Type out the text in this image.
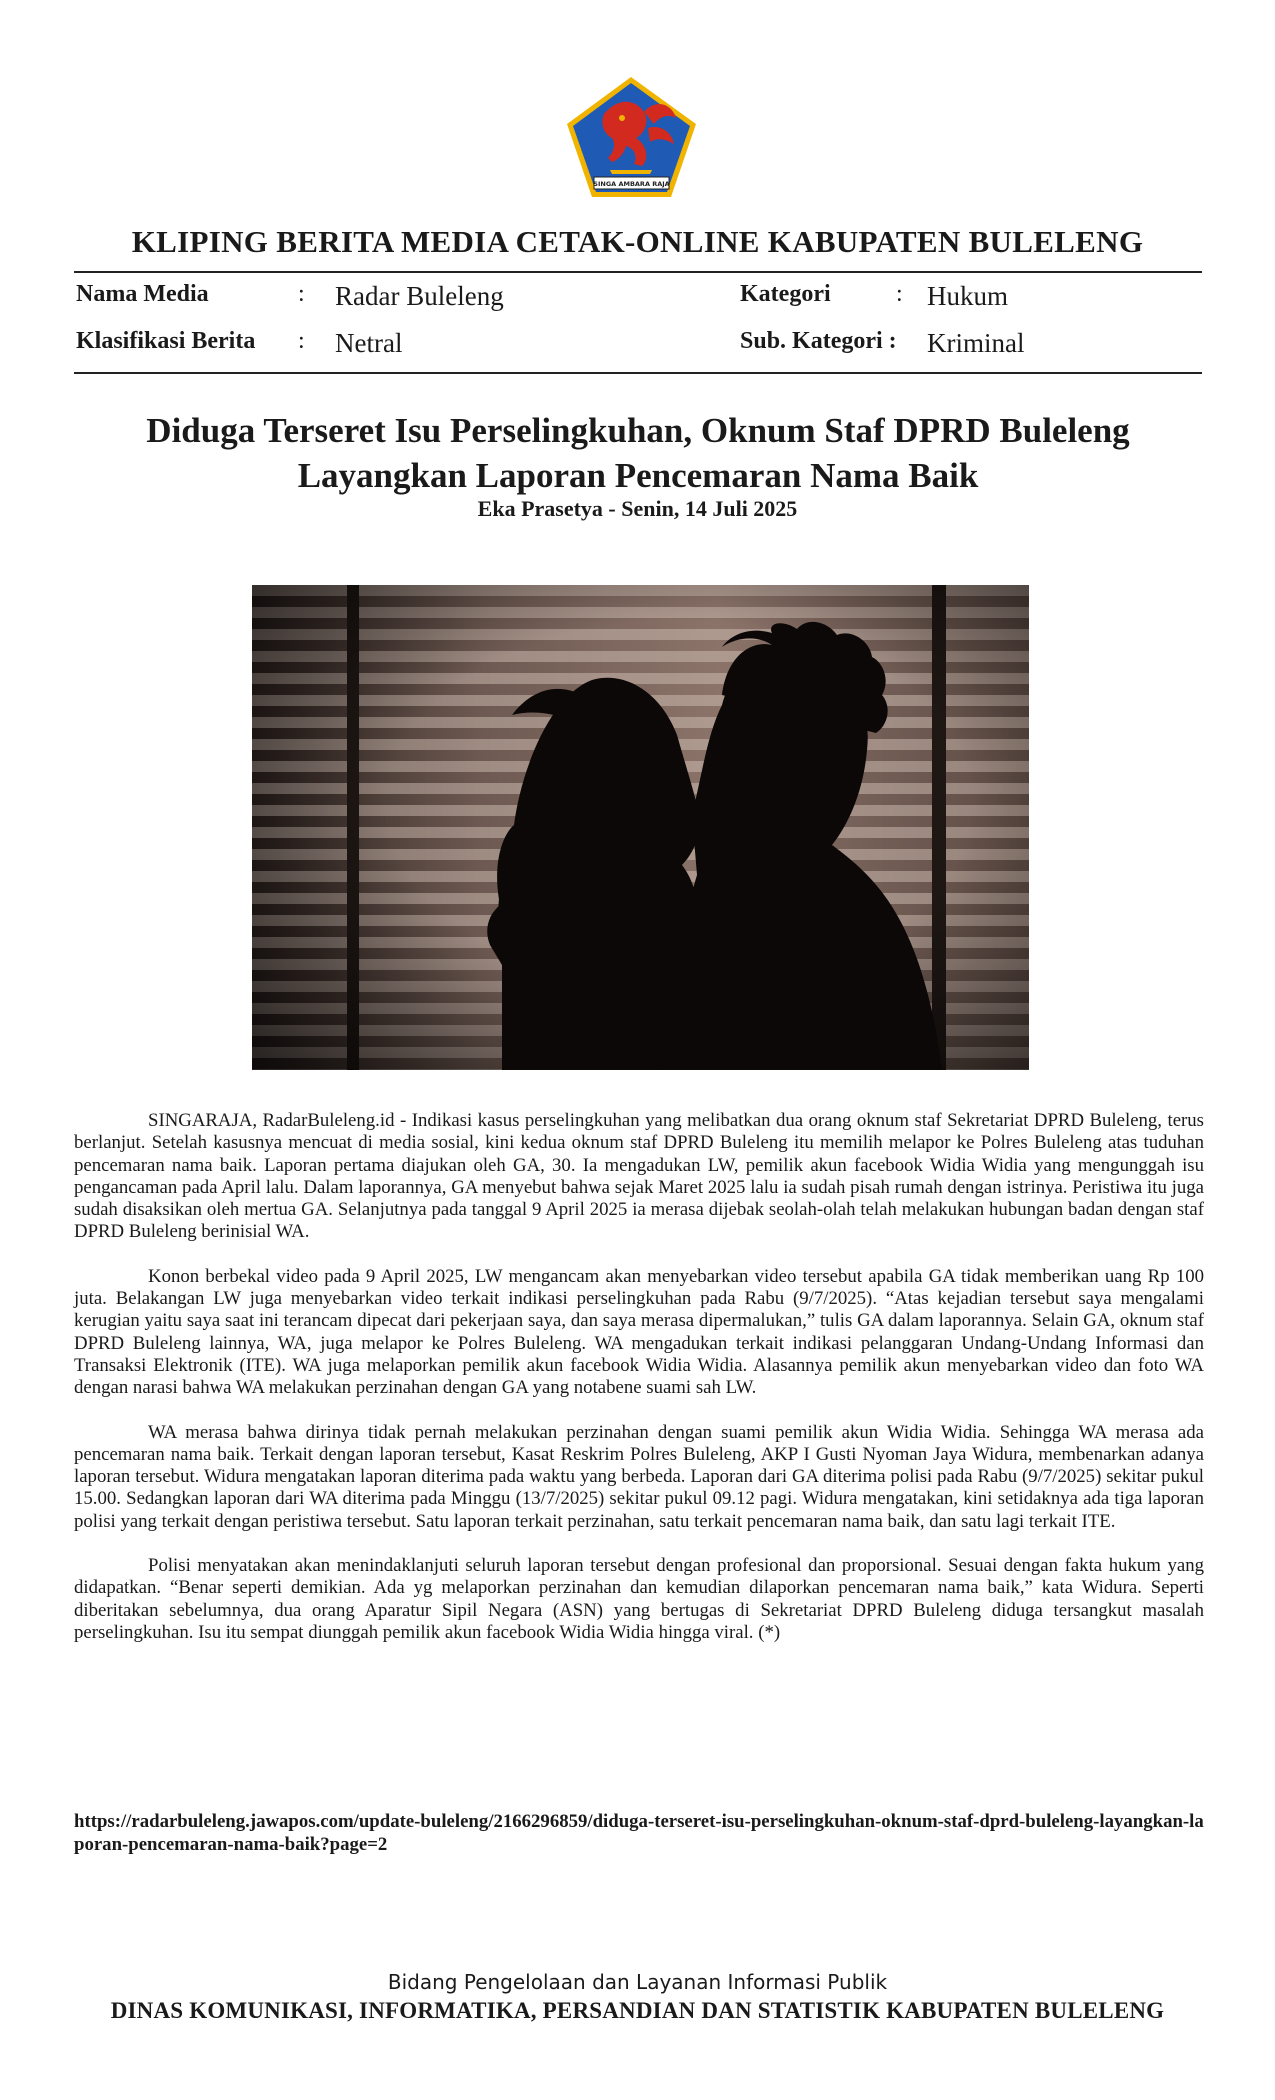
SINGA AMBARA RAJA
KLIPING BERITA MEDIA CETAK-ONLINE KABUPATEN BULELENG
Nama Media	: Radar Buleleng	Kategori	: Hukum
Klasifikasi Berita : Netral	Sub. Kategori : Kriminal
Diduga Terseret Isu Perselingkuhan, Oknum Staf DPRD Buleleng
Layangkan Laporan Pencemaran Nama Baik
Eka Prasetya - Senin, 14 Juli 2025

SINGARAJA, RadarBuleleng.id - Indikasi kasus perselingkuhan yang melibatkan dua orang oknum staf Sekretariat DPRD Buleleng, terus berlanjut. Setelah kasusnya mencuat di media sosial, kini kedua oknum staf DPRD Buleleng itu memilih melapor ke Polres Buleleng atas tuduhan pencemaran nama baik. Laporan pertama diajukan oleh GA, 30. Ia mengadukan LW, pemilik akun facebook Widia Widia yang mengunggah isu pengancaman pada April lalu. Dalam laporannya, GA menyebut bahwa sejak Maret 2025 lalu ia sudah pisah rumah dengan istrinya. Peristiwa itu juga sudah disaksikan oleh mertua GA. Selanjutnya pada tanggal 9 April 2025 ia merasa dijebak seolah-olah telah melakukan hubungan badan dengan staf DPRD Buleleng berinisial WA.

Konon berbekal video pada 9 April 2025, LW mengancam akan menyebarkan video tersebut apabila GA tidak memberikan uang Rp 100 juta. Belakangan LW juga menyebarkan video terkait indikasi perselingkuhan pada Rabu (9/7/2025). “Atas kejadian tersebut saya mengalami kerugian yaitu saya saat ini terancam dipecat dari pekerjaan saya, dan saya merasa dipermalukan,” tulis GA dalam laporannya. Selain GA, oknum staf DPRD Buleleng lainnya, WA, juga melapor ke Polres Buleleng. WA mengadukan terkait indikasi pelanggaran Undang-Undang Informasi dan Transaksi Elektronik (ITE). WA juga melaporkan pemilik akun facebook Widia Widia. Alasannya pemilik akun menyebarkan video dan foto WA dengan narasi bahwa WA melakukan perzinahan dengan GA yang notabene suami sah LW.

WA merasa bahwa dirinya tidak pernah melakukan perzinahan dengan suami pemilik akun Widia Widia. Sehingga WA merasa ada pencemaran nama baik. Terkait dengan laporan tersebut, Kasat Reskrim Polres Buleleng, AKP I Gusti Nyoman Jaya Widura, membenarkan adanya laporan tersebut. Widura mengatakan laporan diterima pada waktu yang berbeda. Laporan dari GA diterima polisi pada Rabu (9/7/2025) sekitar pukul 15.00. Sedangkan laporan dari WA diterima pada Minggu (13/7/2025) sekitar pukul 09.12 pagi. Widura mengatakan, kini setidaknya ada tiga laporan polisi yang terkait dengan peristiwa tersebut. Satu laporan terkait perzinahan, satu terkait pencemaran nama baik, dan satu lagi terkait ITE.

Polisi menyatakan akan menindaklanjuti seluruh laporan tersebut dengan profesional dan proporsional. Sesuai dengan fakta hukum yang didapatkan. “Benar seperti demikian. Ada yg melaporkan perzinahan dan kemudian dilaporkan pencemaran nama baik,” kata Widura. Seperti diberitakan sebelumnya, dua orang Aparatur Sipil Negara (ASN) yang bertugas di Sekretariat DPRD Buleleng diduga tersangkut masalah perselingkuhan. Isu itu sempat diunggah pemilik akun facebook Widia Widia hingga viral. (*)

https://radarbuleleng.jawapos.com/update-buleleng/2166296859/diduga-terseret-isu-perselingkuhan-oknum-staf-dprd-buleleng-layangkan-laporan-pencemaran-nama-baik?page=2
Bidang Pengelolaan dan Layanan Informasi Publik
DINAS KOMUNIKASI, INFORMATIKA, PERSANDIAN DAN STATISTIK KABUPATEN BULELENG
